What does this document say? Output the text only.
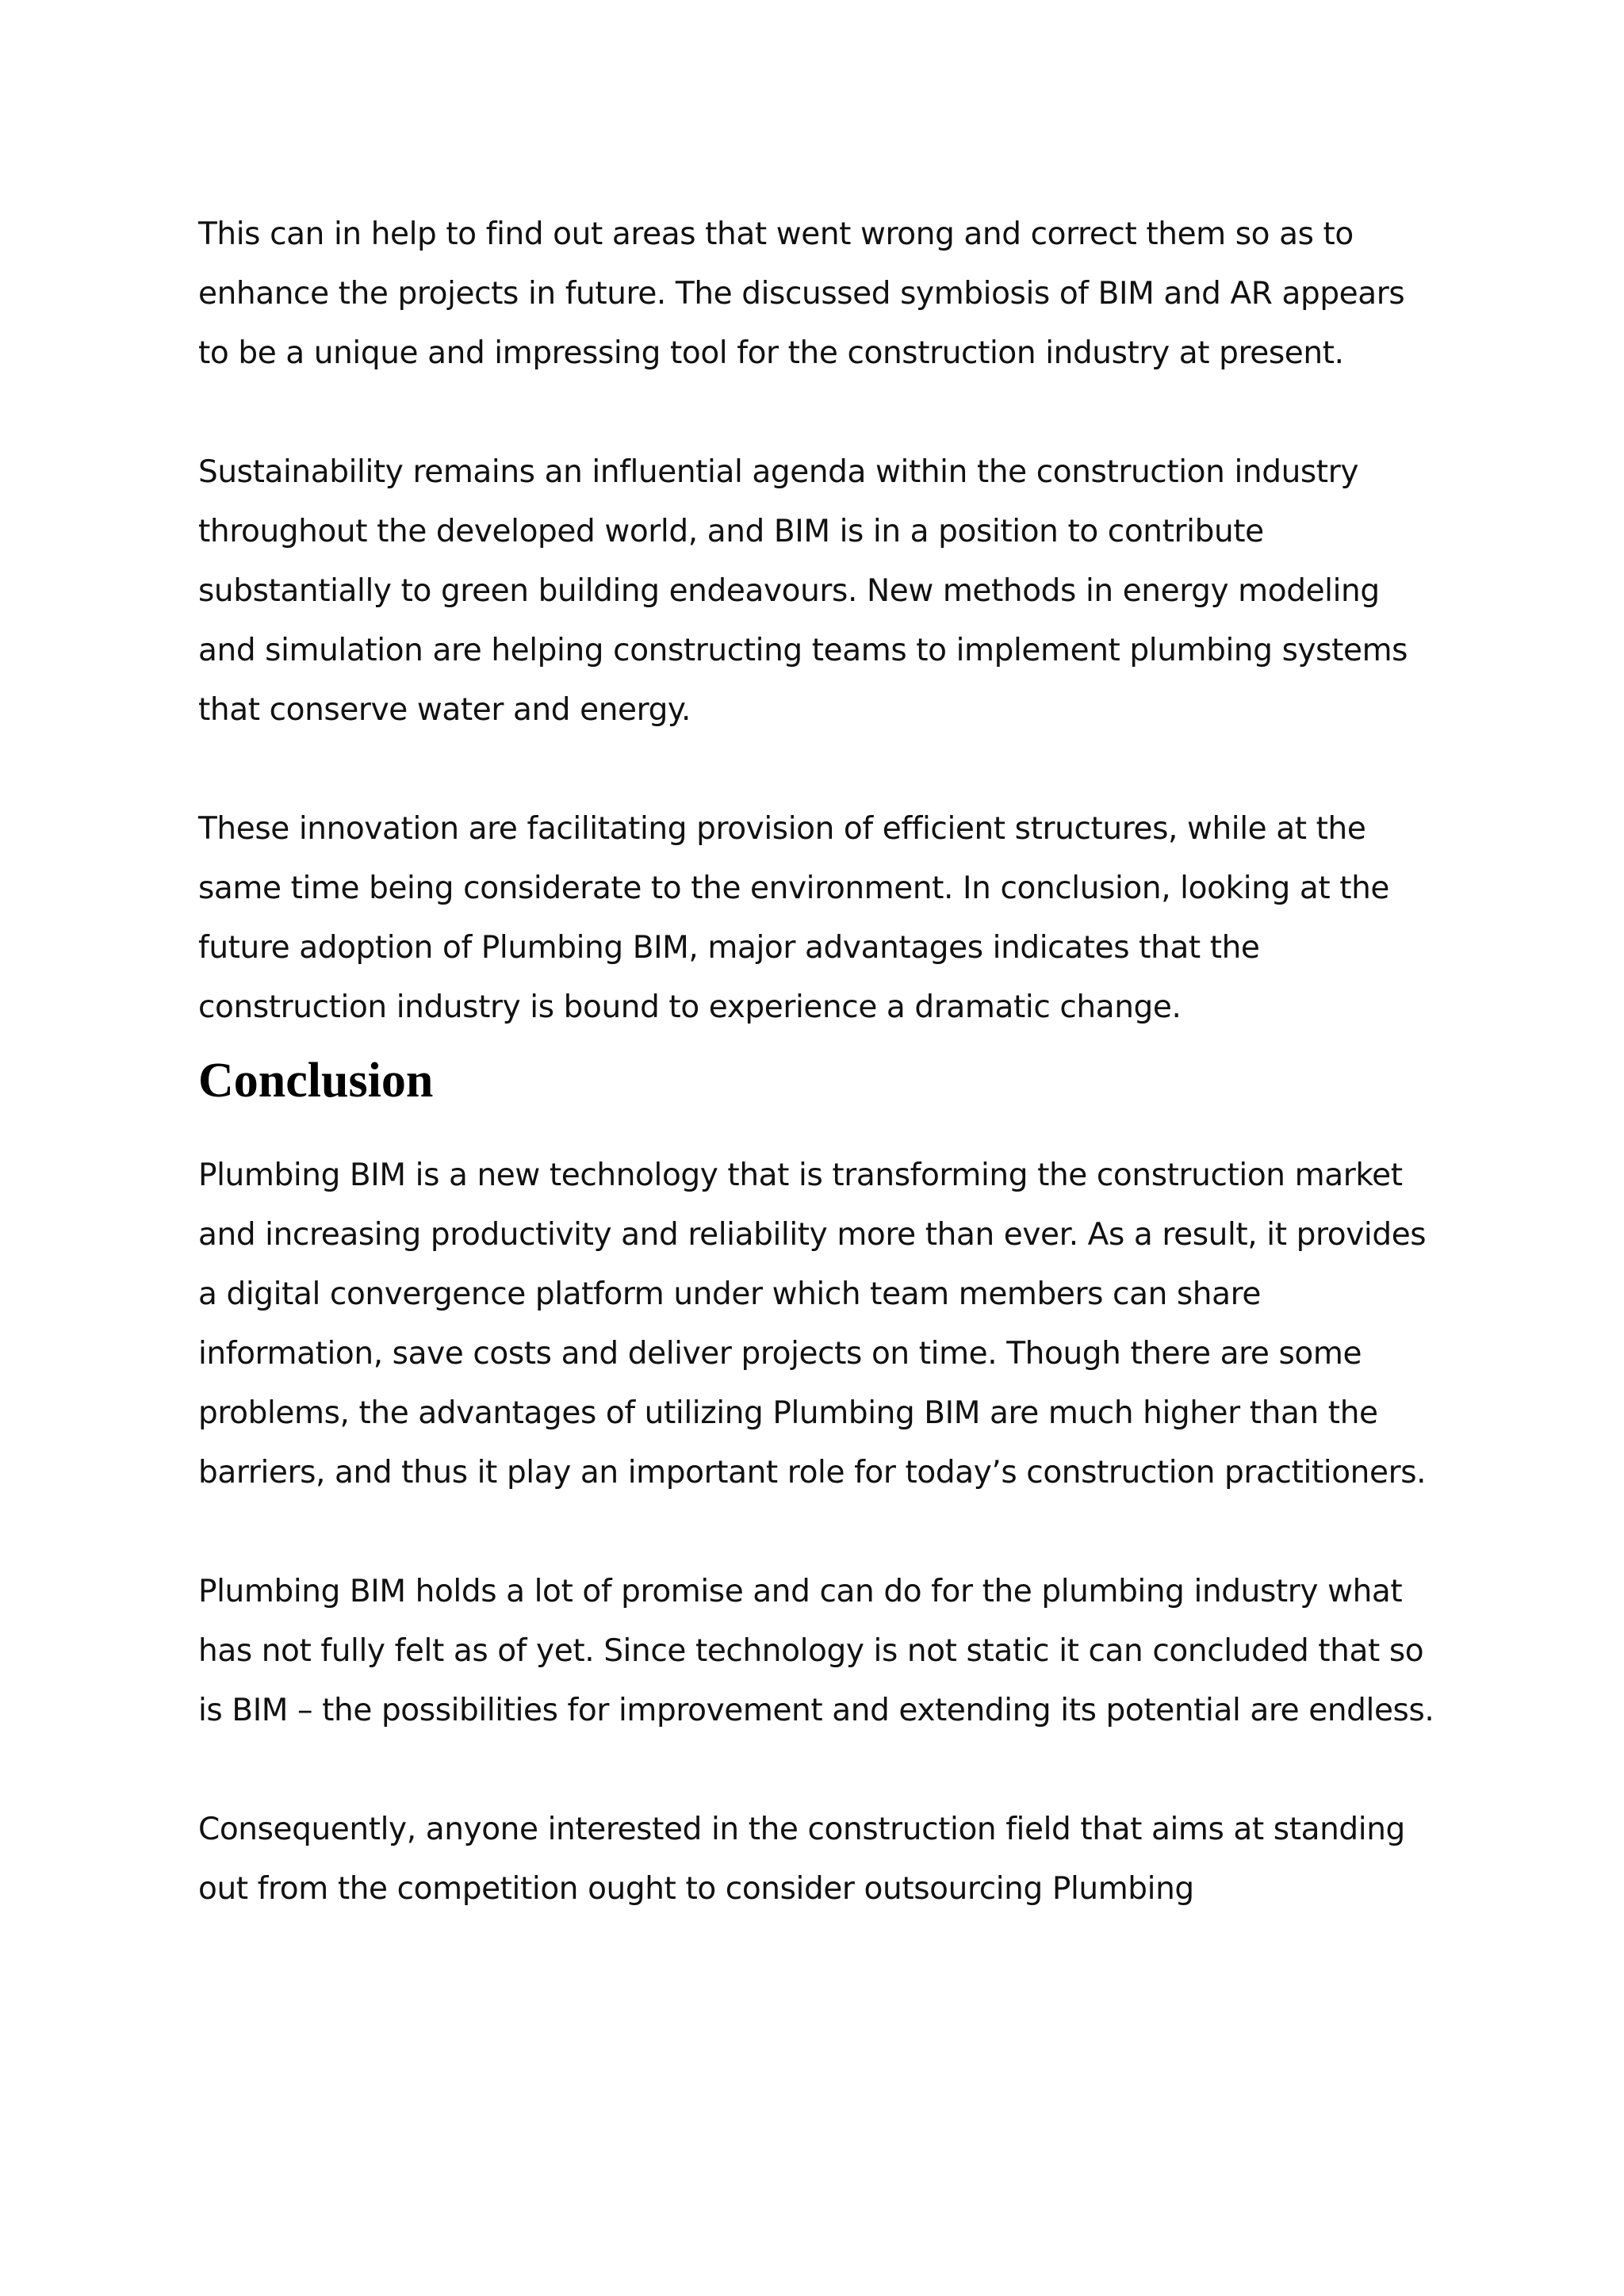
This can in help to find out areas that went wrong and correct them so as to enhance the projects in future. The discussed symbiosis of BIM and AR appears to be a unique and impressing tool for the construction industry at present.

Sustainability remains an influential agenda within the construction industry throughout the developed world, and BIM is in a position to contribute substantially to green building endeavours. New methods in energy modeling and simulation are helping constructing teams to implement plumbing systems that conserve water and energy.

These innovation are facilitating provision of efficient structures, while at the same time being considerate to the environment. In conclusion, looking at the future adoption of Plumbing BIM, major advantages indicates that the construction industry is bound to experience a dramatic change.

Conclusion

Plumbing BIM is a new technology that is transforming the construction market and increasing productivity and reliability more than ever. As a result, it provides a digital convergence platform under which team members can share information, save costs and deliver projects on time. Though there are some problems, the advantages of utilizing Plumbing BIM are much higher than the barriers, and thus it play an important role for today’s construction practitioners.

Plumbing BIM holds a lot of promise and can do for the plumbing industry what has not fully felt as of yet. Since technology is not static it can concluded that so is BIM – the possibilities for improvement and extending its potential are endless.

Consequently, anyone interested in the construction field that aims at standing out from the competition ought to consider outsourcing Plumbing
